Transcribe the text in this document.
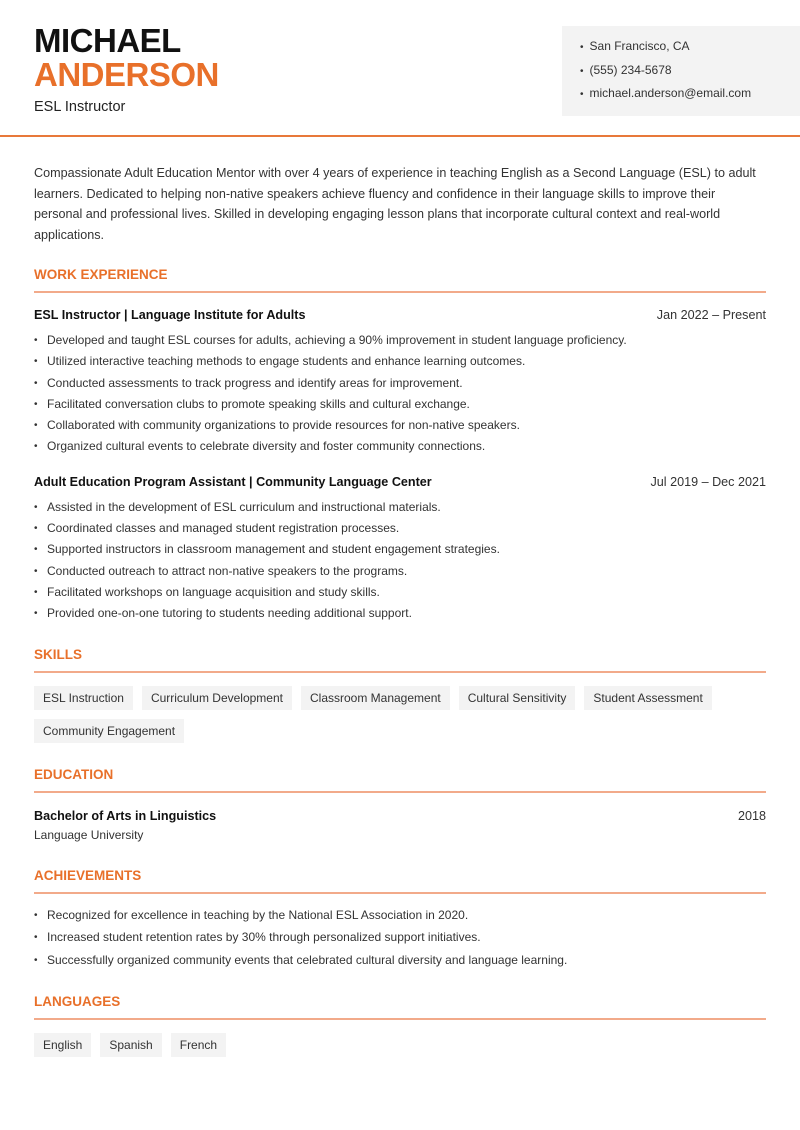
MICHAEL
ANDERSON
ESL Instructor
• San Francisco, CA
• (555) 234-5678
• michael.anderson@email.com

Compassionate Adult Education Mentor with over 4 years of experience in teaching English as a Second Language (ESL) to adult learners. Dedicated to helping non-native speakers achieve fluency and confidence in their language skills to improve their personal and professional lives. Skilled in developing engaging lesson plans that incorporate cultural context and real-world applications.

WORK EXPERIENCE
ESL Instructor | Language Institute for Adults	Jan 2022 – Present
• Developed and taught ESL courses for adults, achieving a 90% improvement in student language proficiency.
• Utilized interactive teaching methods to engage students and enhance learning outcomes.
• Conducted assessments to track progress and identify areas for improvement.
• Facilitated conversation clubs to promote speaking skills and cultural exchange.
• Collaborated with community organizations to provide resources for non-native speakers.
• Organized cultural events to celebrate diversity and foster community connections.
Adult Education Program Assistant | Community Language Center	Jul 2019 – Dec 2021
• Assisted in the development of ESL curriculum and instructional materials.
• Coordinated classes and managed student registration processes.
• Supported instructors in classroom management and student engagement strategies.
• Conducted outreach to attract non-native speakers to the programs.
• Facilitated workshops on language acquisition and study skills.
• Provided one-on-one tutoring to students needing additional support.
SKILLS
ESL Instruction	Curriculum Development	Classroom Management	Cultural Sensitivity	Student Assessment
Community Engagement
EDUCATION
Bachelor of Arts in Linguistics	2018
Language University
ACHIEVEMENTS
• Recognized for excellence in teaching by the National ESL Association in 2020.
• Increased student retention rates by 30% through personalized support initiatives.
• Successfully organized community events that celebrated cultural diversity and language learning.
LANGUAGES
English	Spanish	French
